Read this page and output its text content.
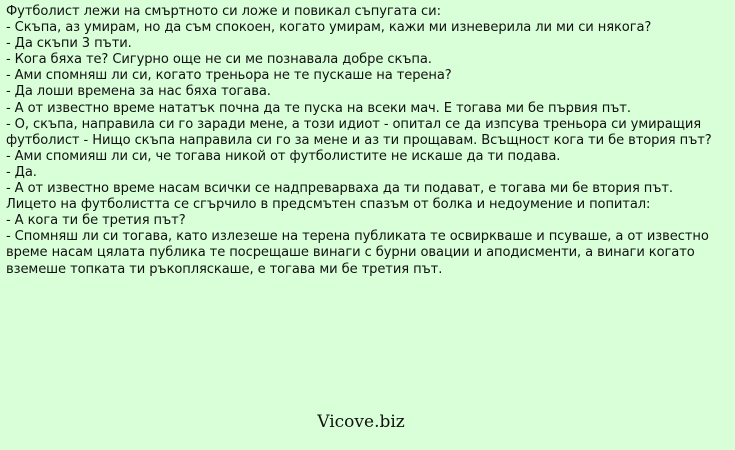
Футболист лежи на смъртното си ложе и повикал съпугата си:

- Скъпа, аз умирам, но да съм спокоен, когато умирам, кажи ми изневерила ли ми си някога?

- Да скъпи 3 пъти.

- Кога бяха те? Сигурно още не си ме познавала добре скъпа.

- Ами спомняш ли си, когато треньора не те пускаше на терена?

- Да лоши времена за нас бяха тогава.

- А от известно време нататък почна да те пуска на всеки мач. Е тогава ми бе първия път.

- О, скъпа, направила си го заради мене, а този идиот - опитал се да изпсува треньора си умиращия футболист - Нищо скъпа направила си го за мене и аз ти прощавам. Всъщност кога ти бе втория път?

- Ами спомияш ли си, че тогава никой от футболистите не искаше да ти подава.

- Да.

- А от известно време насам всички се надпреварваха да ти подават, е тогава ми бе втория път.

Лицето на футболистта се сгърчило в предсмътен спазъм от болка и недоумение и попитал:

- А кога ти бе третия път?

- Спомняш ли си тогава, като излезеше на терена публиката те освиркваше и псуваше, а от известно време насам цялата публика те посрещаше винаги с бурни овации и аподисменти, а винаги когато вземеше топката ти ръкопляскаше, е тогава ми бе третия път.

Vicove.biz
